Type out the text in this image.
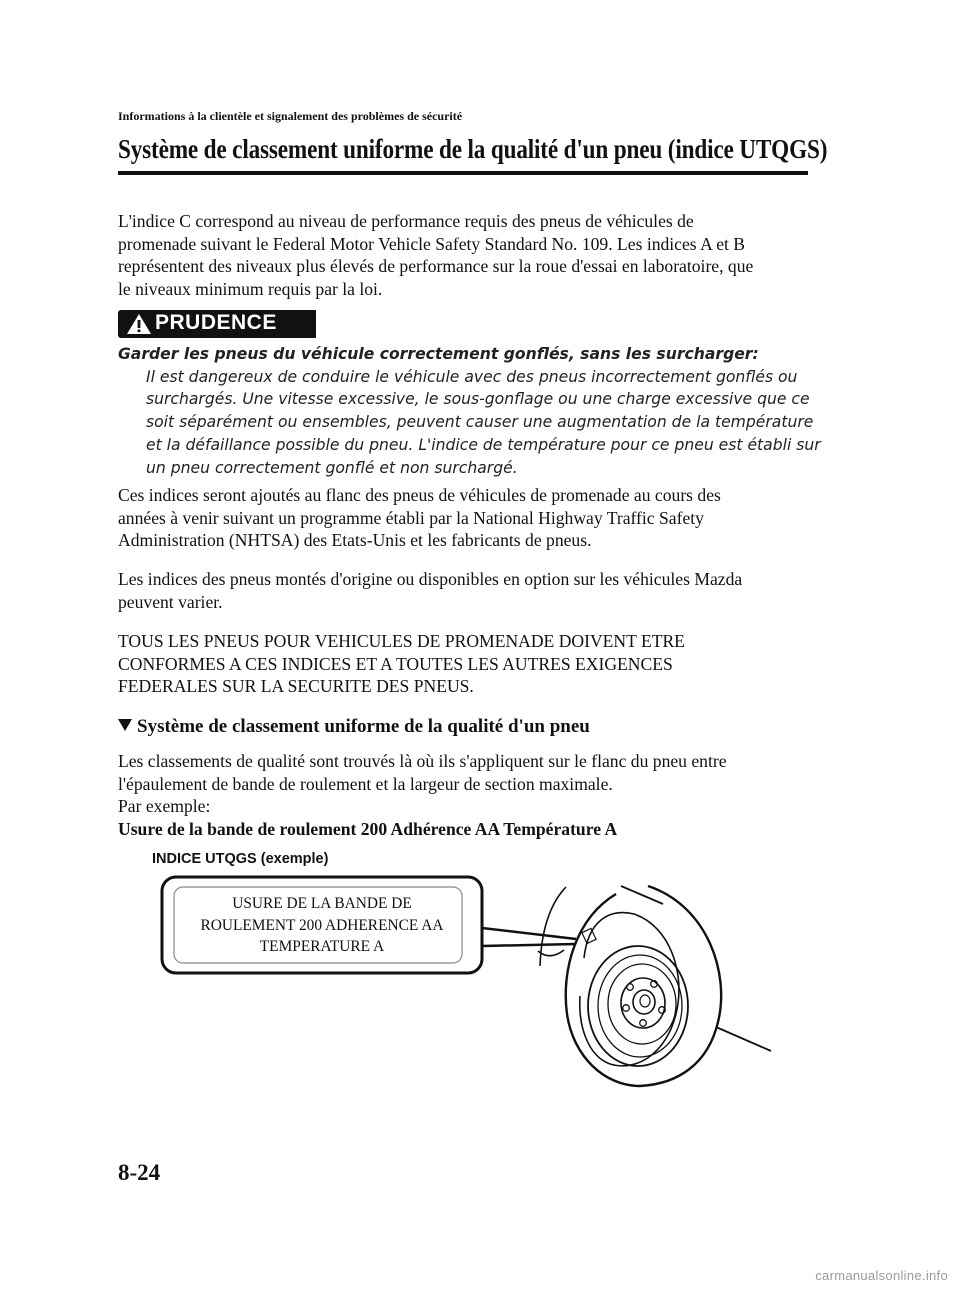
Informations à la clientèle et signalement des problèmes de sécurité
Système de classement uniforme de la qualité d'un pneu (indice UTQGS)
L'indice C correspond au niveau de performance requis des pneus de véhicules de
promenade suivant le Federal Motor Vehicle Safety Standard No. 109. Les indices A et B
représentent des niveaux plus élevés de performance sur la roue d'essai en laboratoire, que
le niveaux minimum requis par la loi.
PRUDENCE
Garder les pneus du véhicule correctement gonflés, sans les surcharger:
Il est dangereux de conduire le véhicule avec des pneus incorrectement gonflés ou
surchargés. Une vitesse excessive, le sous-gonflage ou une charge excessive que ce
soit séparément ou ensembles, peuvent causer une augmentation de la température
et la défaillance possible du pneu. L'indice de température pour ce pneu est établi sur
un pneu correctement gonflé et non surchargé.
Ces indices seront ajoutés au flanc des pneus de véhicules de promenade au cours des
années à venir suivant un programme établi par la National Highway Traffic Safety
Administration (NHTSA) des Etats-Unis et les fabricants de pneus.
Les indices des pneus montés d'origine ou disponibles en option sur les véhicules Mazda
peuvent varier.
TOUS LES PNEUS POUR VEHICULES DE PROMENADE DOIVENT ETRE
CONFORMES A CES INDICES ET A TOUTES LES AUTRES EXIGENCES
FEDERALES SUR LA SECURITE DES PNEUS.
Système de classement uniforme de la qualité d'un pneu
Les classements de qualité sont trouvés là où ils s'appliquent sur le flanc du pneu entre
l'épaulement de bande de roulement et la largeur de section maximale.
Par exemple:
Usure de la bande de roulement 200 Adhérence AA Température A
INDICE UTQGS (exemple)
USURE DE LA BANDE DE
ROULEMENT 200 ADHERENCE AA
TEMPERATURE A
8-24
carmanualsonline.info
